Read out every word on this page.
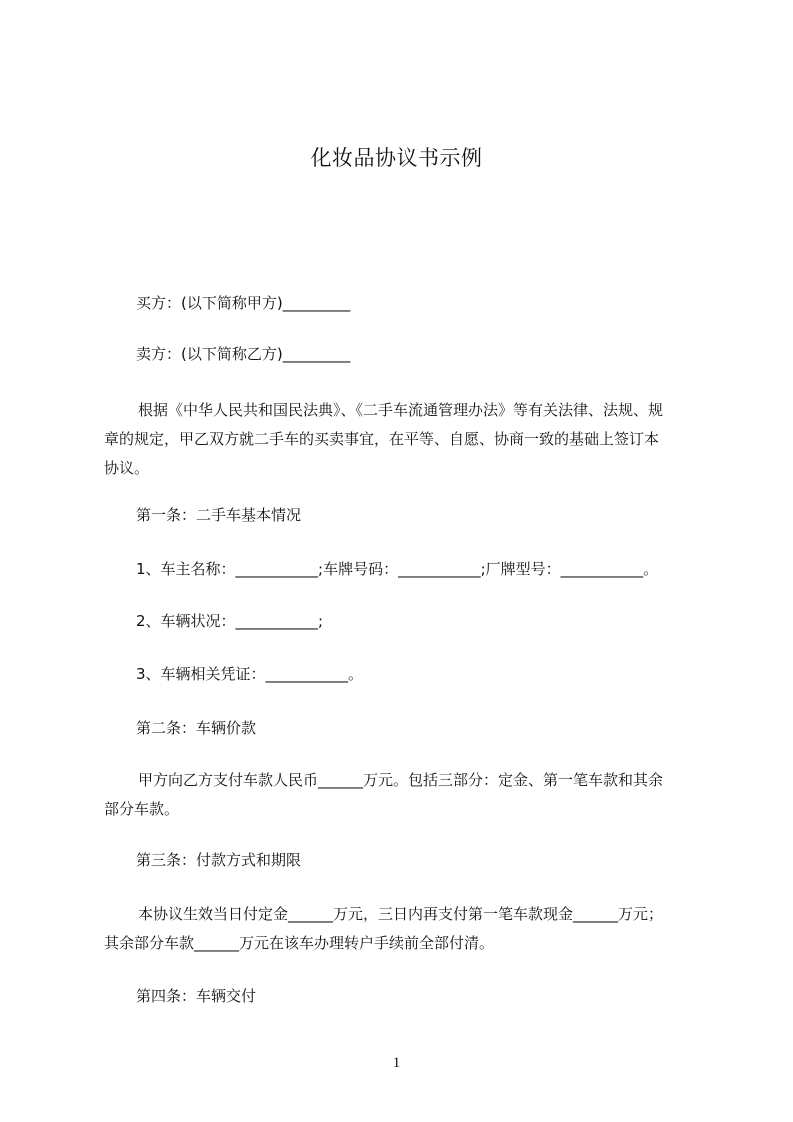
化妆品协议书示例
买方：(以下简称甲方)_________
卖方：(以下简称乙方)_________
根据《中华人民共和国民法典》、《二手车流通管理办法》等有关法律、法规、规
章的规定，甲乙双方就二手车的买卖事宜，在平等、自愿、协商一致的基础上签订本
协议。
第一条：二手车基本情况
1、车主名称：___________;车牌号码：___________;厂牌型号：___________。
2、车辆状况：___________;
3、车辆相关凭证：___________。
第二条：车辆价款
甲方向乙方支付车款人民币______万元。包括三部分：定金、第一笔车款和其余
部分车款。
第三条：付款方式和期限
本协议生效当日付定金______万元，三日内再支付第一笔车款现金______万元；
其余部分车款______万元在该车办理转户手续前全部付清。
第四条：车辆交付
1
